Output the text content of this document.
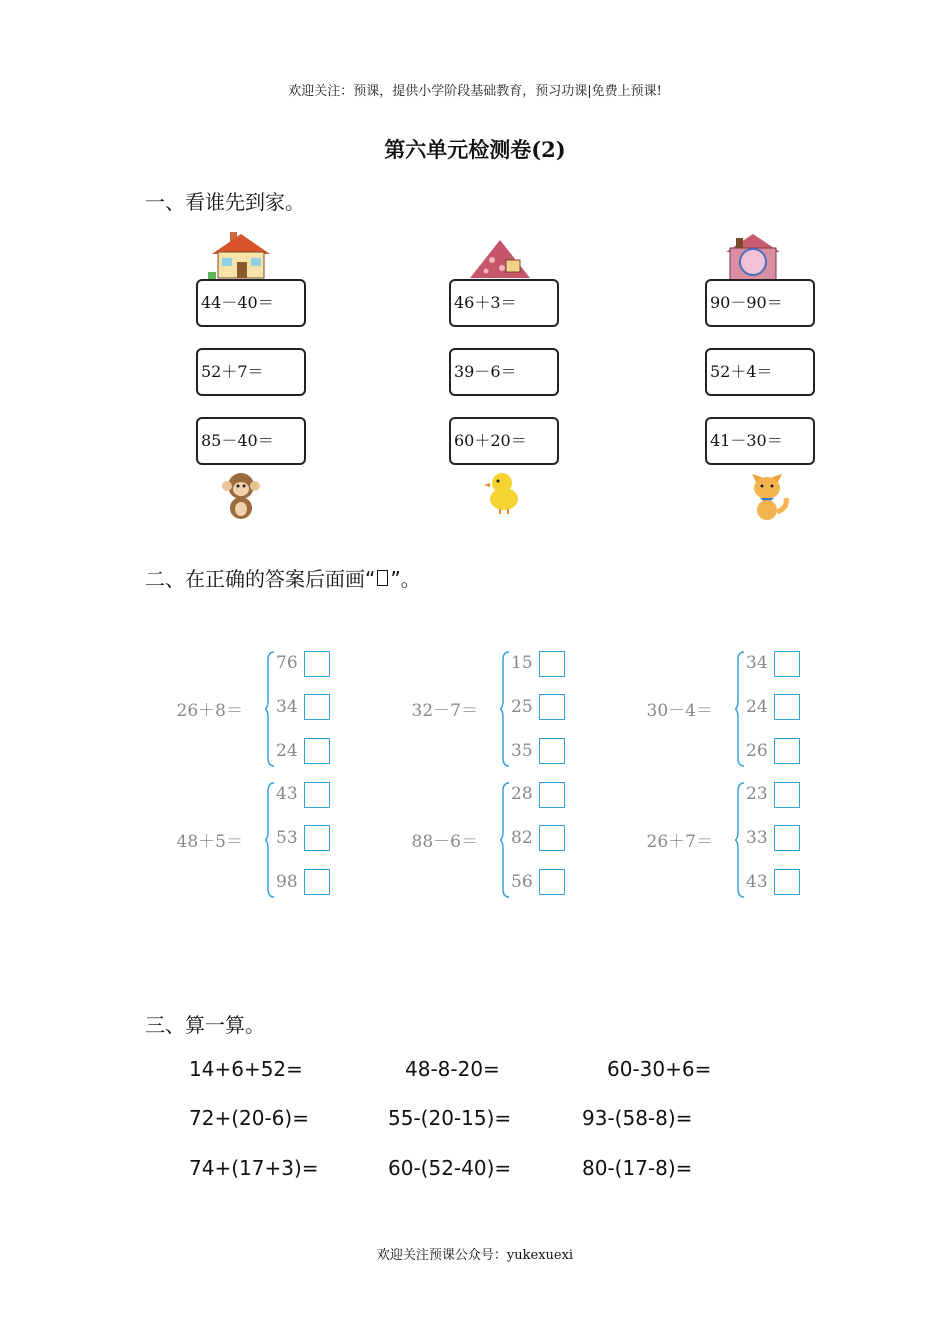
欢迎关注：预课，提供小学阶段基础教育，预习功课|免费上预课!
第六单元检测卷(2)
一、看谁先到家。
44－40＝
52＋7＝
85－40＝
46＋3＝
39－6＝
60＋20＝
90－90＝
52＋4＝
41－30＝
二、在正确的答案后面画“ ”。
26＋8＝
76
34
24
32－7＝
15
25
35
30－4＝
34
24
26
48＋5＝
43
53
98
88－6＝
28
82
56
26＋7＝
23
33
43
三、算一算。
14+6+52=	48-8-20=	60-30+6=
72+(20-6)=	55-(20-15)=	93-(58-8)=
74+(17+3)=	60-(52-40)=	80-(17-8)=
欢迎关注预课公众号：yukexuexi
